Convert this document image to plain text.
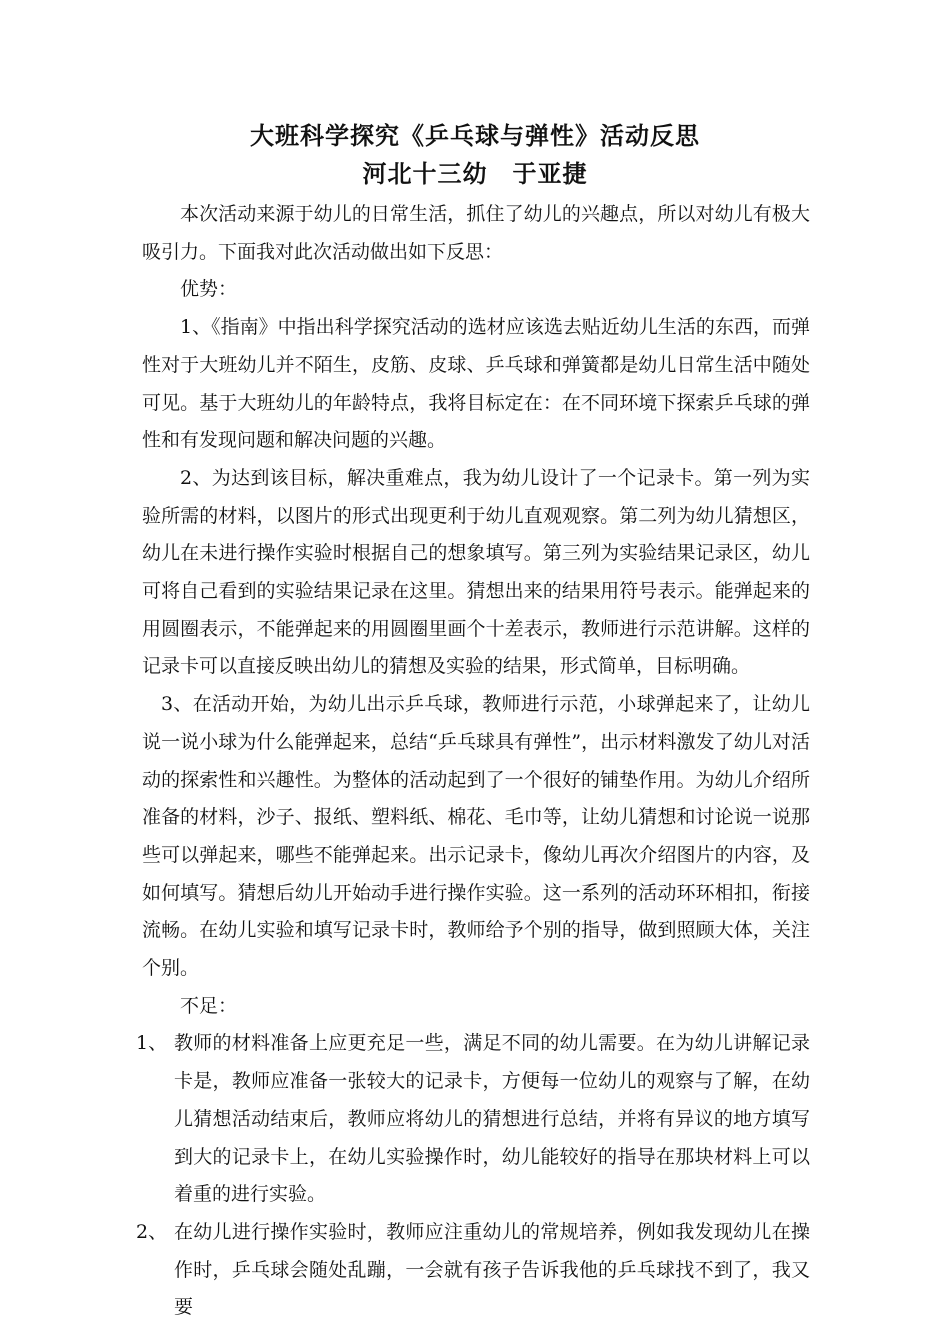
大班科学探究《乒乓球与弹性》活动反思
河北十三幼　于亚捷

本次活动来源于幼儿的日常生活，抓住了幼儿的兴趣点，所以对幼儿有极大吸引力。下面我对此次活动做出如下反思：

优势：

1、《指南》中指出科学探究活动的选材应该选去贴近幼儿生活的东西，而弹性对于大班幼儿并不陌生，皮筋、皮球、乒乓球和弹簧都是幼儿日常生活中随处可见。基于大班幼儿的年龄特点，我将目标定在：在不同环境下探索乒乓球的弹性和有发现问题和解决问题的兴趣。

2、为达到该目标，解决重难点，我为幼儿设计了一个记录卡。第一列为实验所需的材料，以图片的形式出现更利于幼儿直观观察。第二列为幼儿猜想区，幼儿在未进行操作实验时根据自己的想象填写。第三列为实验结果记录区，幼儿可将自己看到的实验结果记录在这里。猜想出来的结果用符号表示。能弹起来的用圆圈表示，不能弹起来的用圆圈里画个十差表示，教师进行示范讲解。这样的记录卡可以直接反映出幼儿的猜想及实验的结果，形式简单，目标明确。

3、在活动开始，为幼儿出示乒乓球，教师进行示范，小球弹起来了，让幼儿说一说小球为什么能弹起来，总结“乒乓球具有弹性”，出示材料激发了幼儿对活动的探索性和兴趣性。为整体的活动起到了一个很好的铺垫作用。为幼儿介绍所准备的材料，沙子、报纸、塑料纸、棉花、毛巾等，让幼儿猜想和讨论说一说那些可以弹起来，哪些不能弹起来。出示记录卡，像幼儿再次介绍图片的内容，及如何填写。猜想后幼儿开始动手进行操作实验。这一系列的活动环环相扣，衔接流畅。在幼儿实验和填写记录卡时，教师给予个别的指导，做到照顾大体，关注个别。

不足：

1、 教师的材料准备上应更充足一些，满足不同的幼儿需要。在为幼儿讲解记录卡是，教师应准备一张较大的记录卡，方便每一位幼儿的观察与了解，在幼儿猜想活动结束后，教师应将幼儿的猜想进行总结，并将有异议的地方填写到大的记录卡上，在幼儿实验操作时，幼儿能较好的指导在那块材料上可以着重的进行实验。
2、 在幼儿进行操作实验时，教师应注重幼儿的常规培养，例如我发现幼儿在操作时，乒乓球会随处乱蹦，一会就有孩子告诉我他的乒乓球找不到了，我又要
